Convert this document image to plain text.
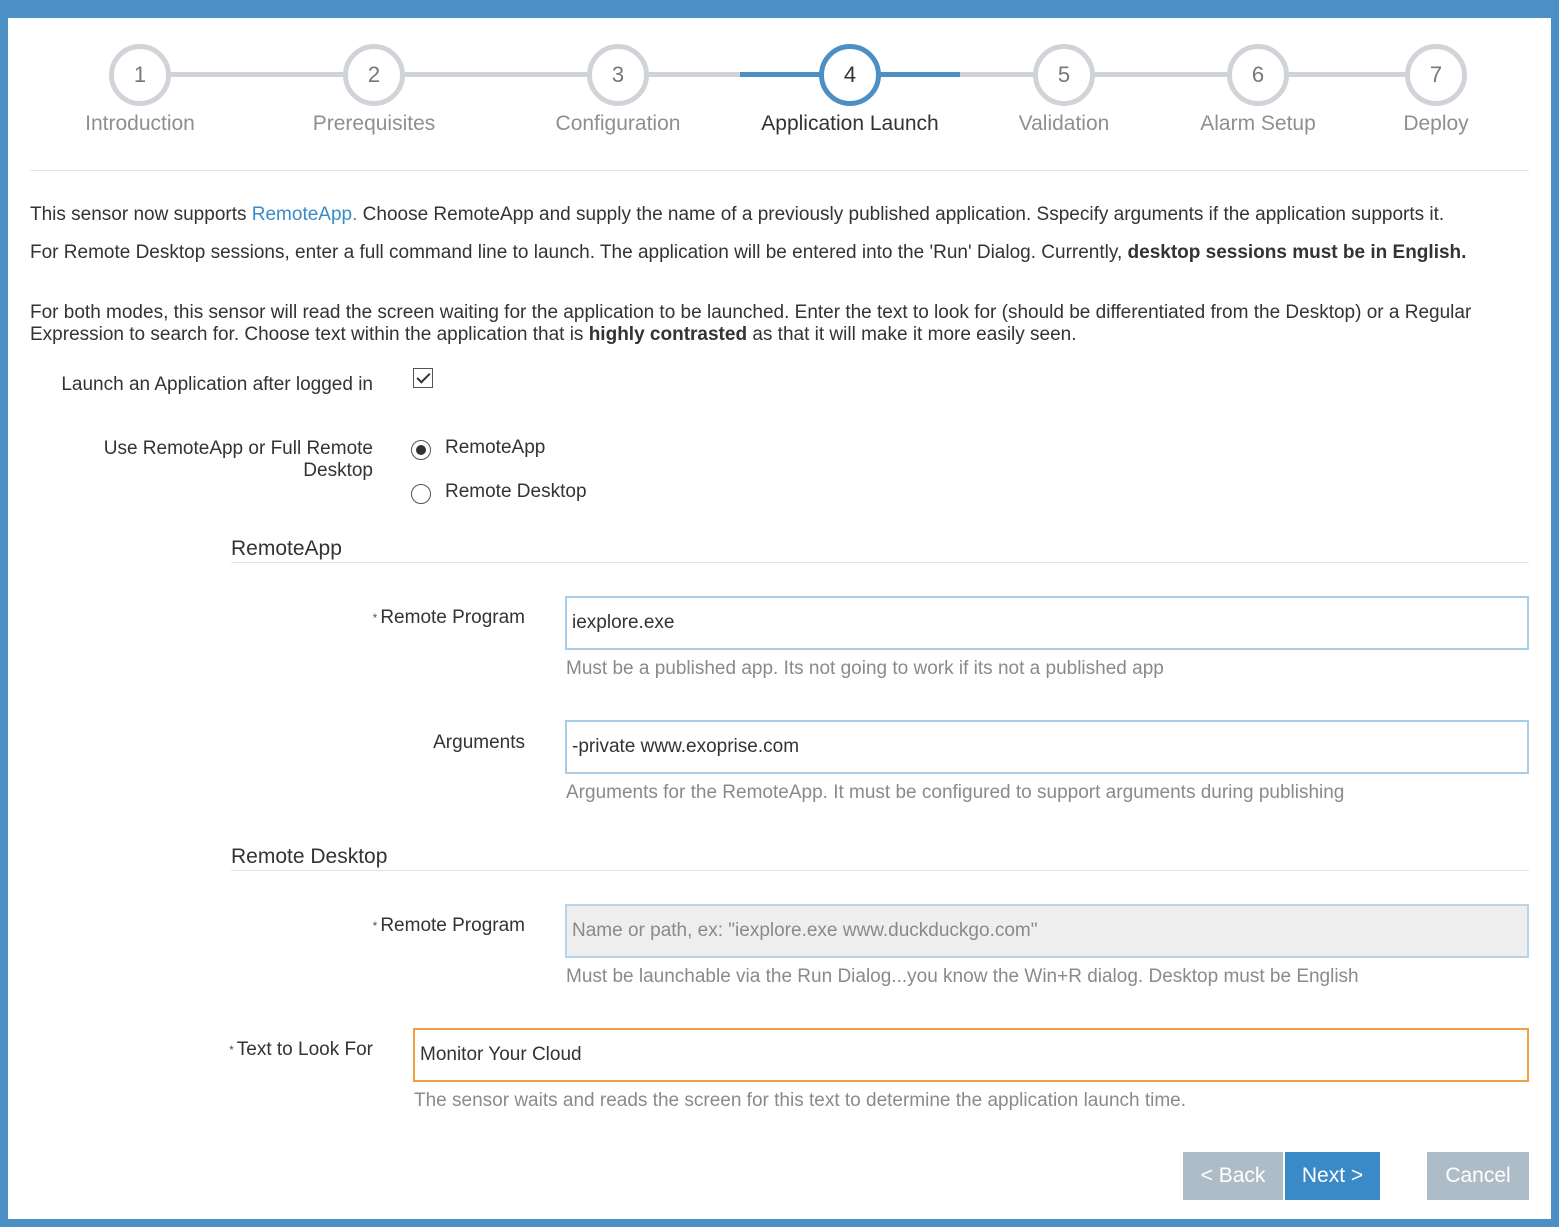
1
Introduction
2
Prerequisites
3
Configuration
4
Application Launch
5
Validation
6
Alarm Setup
7
Deploy

This sensor now supports RemoteApp. Choose RemoteApp and supply the name of a previously published application. Sspecify arguments if the application supports it.

For Remote Desktop sessions, enter a full command line to launch. The application will be entered into the 'Run' Dialog. Currently, desktop sessions must be in English.

For both modes, this sensor will read the screen waiting for the application to be launched. Enter the text to look for (should be differentiated from the Desktop) or a Regular Expression to search for. Choose text within the application that is highly contrasted as that it will make it more easily seen.

Launch an Application after logged in
Use RemoteApp or Full Remote Desktop
RemoteApp
Remote Desktop
RemoteApp
* Remote Program
iexplore.exe
Must be a published app. Its not going to work if its not a published app
Arguments
-private www.exoprise.com
Arguments for the RemoteApp. It must be configured to support arguments during publishing
Remote Desktop
* Remote Program
Name or path, ex: "iexplore.exe www.duckduckgo.com"
Must be launchable via the Run Dialog...you know the Win+R dialog. Desktop must be English
* Text to Look For
Monitor Your Cloud
The sensor waits and reads the screen for this text to determine the application launch time.
< Back	Next >	Cancel
